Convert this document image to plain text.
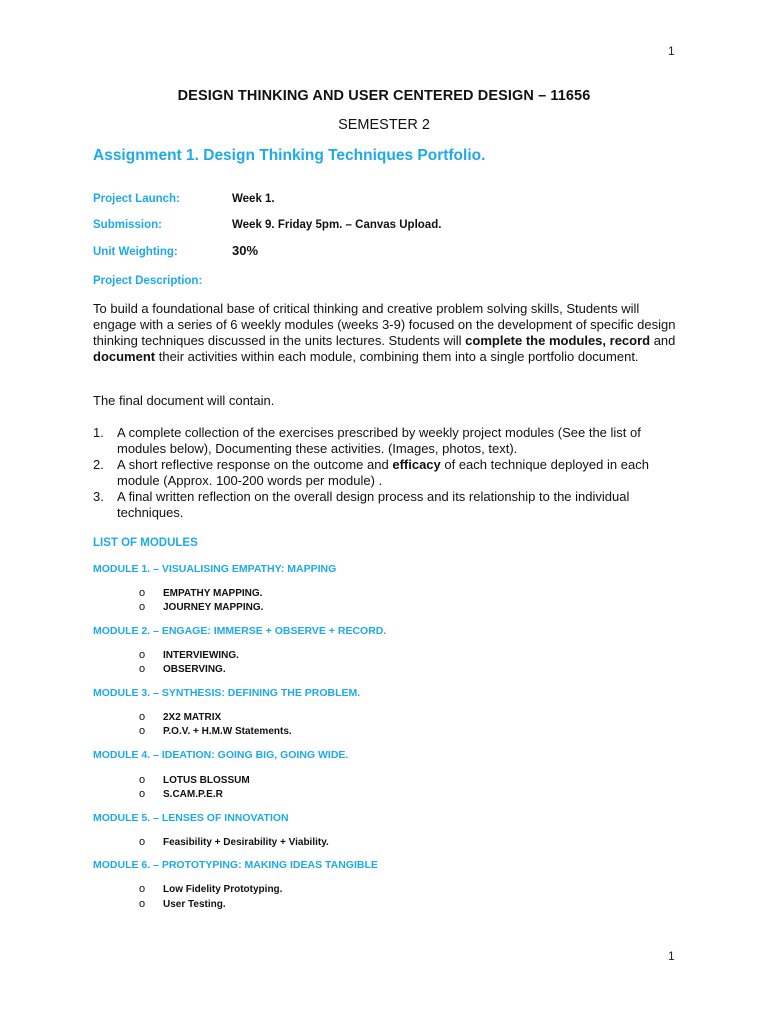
1
DESIGN THINKING AND USER CENTERED DESIGN – 11656
SEMESTER 2
Assignment 1. Design Thinking Techniques Portfolio.
Project Launch:	Week 1.
Submission:	Week 9. Friday 5pm. – Canvas Upload.
Unit Weighting:	30%
Project Description:
To build a foundational base of critical thinking and creative problem solving skills, Students will engage with a series of 6 weekly modules (weeks 3-9) focused on the development of specific design thinking techniques discussed in the units lectures. Students will complete the modules, record and document their activities within each module, combining them into a single portfolio document.
The final document will contain.
1. A complete collection of the exercises prescribed by weekly project modules (See the list of modules below), Documenting these activities. (Images, photos, text).
2. A short reflective response on the outcome and efficacy of each technique deployed in each module (Approx. 100-200 words per module) .
3. A final written reflection on the overall design process and its relationship to the individual techniques.
LIST OF MODULES
MODULE 1. – VISUALISING EMPATHY: MAPPING
o EMPATHY MAPPING.
o JOURNEY MAPPING.
MODULE 2. – ENGAGE: IMMERSE + OBSERVE + RECORD.
o INTERVIEWING.
o OBSERVING.
MODULE 3. – SYNTHESIS: DEFINING THE PROBLEM.
o 2X2 MATRIX
o P.O.V. + H.M.W Statements.
MODULE 4. – IDEATION: GOING BIG, GOING WIDE.
o LOTUS BLOSSUM
o S.CAM.P.E.R
MODULE 5. – LENSES OF INNOVATION
o Feasibility + Desirability + Viability.
MODULE 6. – PROTOTYPING: MAKING IDEAS TANGIBLE
o Low Fidelity Prototyping.
o User Testing.
1
